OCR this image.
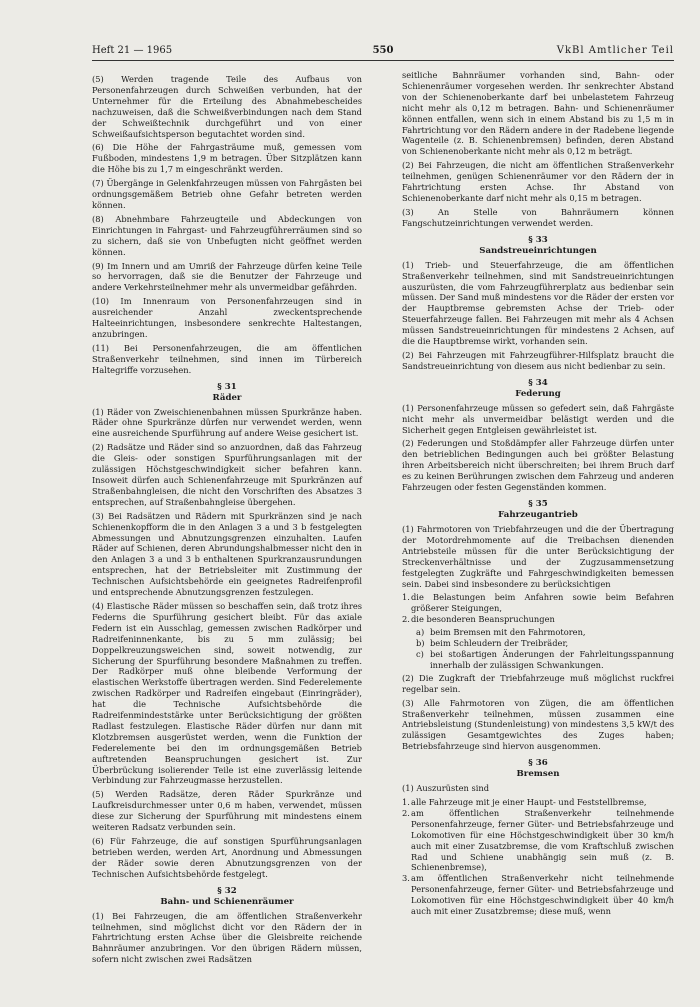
Heft 21 — 1965	550	VkBl Amtlicher Teil

(5) Werden tragende Teile des Aufbaus von Personenfahrzeugen durch Schweißen verbunden, hat der Unternehmer für die Erteilung des Abnahmebescheides nachzuweisen, daß die Schweißverbindungen nach dem Stand der Schweißtechnik durchgeführt und von einer Schweißaufsichtsperson begutachtet worden sind.

(6) Die Höhe der Fahrgasträume muß, gemessen vom Fußboden, mindestens 1,9 m betragen. Über Sitzplätzen kann die Höhe bis zu 1,7 m eingeschränkt werden.

(7) Übergänge in Gelenkfahrzeugen müssen von Fahrgästen bei ordnungsgemäßem Betrieb ohne Gefahr betreten werden können.

(8) Abnehmbare Fahrzeugteile und Abdeckungen von Einrichtungen in Fahrgast- und Fahrzeugführerräumen sind so zu sichern, daß sie von Unbefugten nicht geöffnet werden können.

(9) Im Innern und am Umriß der Fahrzeuge dürfen keine Teile so hervorragen, daß sie die Benutzer der Fahrzeuge und andere Verkehrsteilnehmer mehr als unvermeidbar gefährden.

(10) Im Innenraum von Personenfahrzeugen sind in ausreichender Anzahl zweckentsprechende Halteeinrichtungen, insbesondere senkrechte Haltestangen, anzubringen.

(11) Bei Personenfahrzeugen, die am öffentlichen Straßenverkehr teilnehmen, sind innen im Türbereich Haltegriffe vorzusehen.

§ 31
Räder

(1) Räder von Zweischienenbahnen müssen Spurkränze haben. Räder ohne Spurkränze dürfen nur verwendet werden, wenn eine ausreichende Spurführung auf andere Weise gesichert ist.

(2) Radsätze und Räder sind so anzuordnen, daß das Fahrzeug die Gleis- oder sonstigen Spurführungsanlagen mit der zulässigen Höchstgeschwindigkeit sicher befahren kann. Insoweit dürfen auch Schienenfahrzeuge mit Spurkränzen auf Straßenbahngleisen, die nicht den Vorschriften des Absatzes 3 entsprechen, auf Straßenbahngleise übergehen.

(3) Bei Radsätzen und Rädern mit Spurkränzen sind je nach Schienenkopfform die in den Anlagen 3 a und 3 b festgelegten Abmessungen und Abnutzungsgrenzen einzuhalten. Laufen Räder auf Schienen, deren Abrundungshalbmesser nicht den in den Anlagen 3 a und 3 b enthaltenen Spurkranzausrundungen entsprechen, hat der Betriebsleiter mit Zustimmung der Technischen Aufsichtsbehörde ein geeignetes Radreifenprofil und entsprechende Abnutzungsgrenzen festzulegen.

(4) Elastische Räder müssen so beschaffen sein, daß trotz ihres Federns die Spurführung gesichert bleibt. Für das axiale Federn ist ein Ausschlag, gemessen zwischen Radkörper und Radreifeninnenkante, bis zu 5 mm zulässig; bei Doppelkreuzungsweichen sind, soweit notwendig, zur Sicherung der Spurführung besondere Maßnahmen zu treffen. Der Radkörper muß ohne bleibende Verformung der elastischen Werkstoffe übertragen werden. Sind Federelemente zwischen Radkörper und Radreifen eingebaut (Einringräder), hat die Technische Aufsichtsbehörde die Radreifenmindeststärke unter Berücksichtigung der größten Radlast festzulegen. Elastische Räder dürfen nur dann mit Klotzbremsen ausgerüstet werden, wenn die Funktion der Federelemente bei den im ordnungsgemäßen Betrieb auftretenden Beanspruchungen gesichert ist. Zur Überbrückung isolierender Teile ist eine zuverlässig leitende Verbindung zur Fahrzeugmasse herzustellen.

(5) Werden Radsätze, deren Räder Spurkränze und Laufkreisdurchmesser unter 0,6 m haben, verwendet, müssen diese zur Sicherung der Spurführung mit mindestens einem weiteren Radsatz verbunden sein.

(6) Für Fahrzeuge, die auf sonstigen Spurführungsanlagen betrieben werden, werden Art, Anordnung und Abmessungen der Räder sowie deren Abnutzungsgrenzen von der Technischen Aufsichtsbehörde festgelegt.

§ 32
Bahn- und Schienenräumer

(1) Bei Fahrzeugen, die am öffentlichen Straßenverkehr teilnehmen, sind möglichst dicht vor den Rädern der in Fahrtrichtung ersten Achse über die Gleisbreite reichende Bahnräumer anzubringen. Vor den übrigen Rädern müssen, sofern nicht zwischen zwei Radsätzen

seitliche Bahnräumer vorhanden sind, Bahn- oder Schienenräumer vorgesehen werden. Ihr senkrechter Abstand von der Schienenoberkante darf bei unbelastetem Fahrzeug nicht mehr als 0,12 m betragen. Bahn- und Schienenräumer können entfallen, wenn sich in einem Abstand bis zu 1,5 m in Fahrtrichtung vor den Rädern andere in der Radebene liegende Wagenteile (z. B. Schienenbremsen) befinden, deren Abstand von Schienenoberkante nicht mehr als 0,12 m beträgt.

(2) Bei Fahrzeugen, die nicht am öffentlichen Straßenverkehr teilnehmen, genügen Schienenräumer vor den Rädern der in Fahrtrichtung ersten Achse. Ihr Abstand von Schienenoberkante darf nicht mehr als 0,15 m betragen.

(3) An Stelle von Bahnräumern können Fangschutzeinrichtungen verwendet werden.

§ 33
Sandstreueinrichtungen

(1) Trieb- und Steuerfahrzeuge, die am öffentlichen Straßenverkehr teilnehmen, sind mit Sandstreueinrichtungen auszurüsten, die vom Fahrzeugführerplatz aus bedienbar sein müssen. Der Sand muß mindestens vor die Räder der ersten vor der Hauptbremse gebremsten Achse der Trieb- oder Steuerfahrzeuge fallen. Bei Fahrzeugen mit mehr als 4 Achsen müssen Sandstreueinrichtungen für mindestens 2 Achsen, auf die die Hauptbremse wirkt, vorhanden sein.

(2) Bei Fahrzeugen mit Fahrzeugführer-Hilfsplatz braucht die Sandstreueinrichtung von diesem aus nicht bedienbar zu sein.

§ 34
Federung

(1) Personenfahrzeuge müssen so gefedert sein, daß Fahrgäste nicht mehr als unvermeidbar belästigt werden und die Sicherheit gegen Entgleisen gewährleistet ist.

(2) Federungen und Stoßdämpfer aller Fahrzeuge dürfen unter den betrieblichen Bedingungen auch bei größter Belastung ihren Arbeitsbereich nicht überschreiten; bei ihrem Bruch darf es zu keinen Berührungen zwischen dem Fahrzeug und anderen Fahrzeugen oder festen Gegenständen kommen.

§ 35
Fahrzeugantrieb

(1) Fahrmotoren von Triebfahrzeugen und die der Übertragung der Motordrehmomente auf die Treibachsen dienenden Antriebsteile müssen für die unter Berücksichtigung der Streckenverhältnisse und der Zugzusammensetzung festgelegten Zugkräfte und Fahrgeschwindigkeiten bemessen sein. Dabei sind insbesondere zu berücksichtigen

1. die Belastungen beim Anfahren sowie beim Befahren größerer Steigungen,
2. die besonderen Beanspruchungen
a) beim Bremsen mit den Fahrmotoren,
b) beim Schleudern der Treibräder,
c) bei stoßartigen Änderungen der Fahrleitungsspannung innerhalb der zulässigen Schwankungen.

(2) Die Zugkraft der Triebfahrzeuge muß möglichst ruckfrei regelbar sein.

(3) Alle Fahrmotoren von Zügen, die am öffentlichen Straßenverkehr teilnehmen, müssen zusammen eine Antriebsleistung (Stundenleistung) von mindestens 3,5 kW/t des zulässigen Gesamtgewichtes des Zuges haben; Betriebsfahrzeuge sind hiervon ausgenommen.

§ 36
Bremsen

(1) Auszurüsten sind

1. alle Fahrzeuge mit je einer Haupt- und Feststellbremse,
2. am öffentlichen Straßenverkehr teilnehmende Personenfahrzeuge, ferner Güter- und Betriebsfahrzeuge und Lokomotiven für eine Höchstgeschwindigkeit über 30 km/h auch mit einer Zusatzbremse, die vom Kraftschluß zwischen Rad und Schiene unabhängig sein muß (z. B. Schienenbremse),
3. am öffentlichen Straßenverkehr nicht teilnehmende Personenfahrzeuge, ferner Güter- und Betriebsfahrzeuge und Lokomotiven für eine Höchstgeschwindigkeit über 40 km/h auch mit einer Zusatzbremse; diese muß, wenn
